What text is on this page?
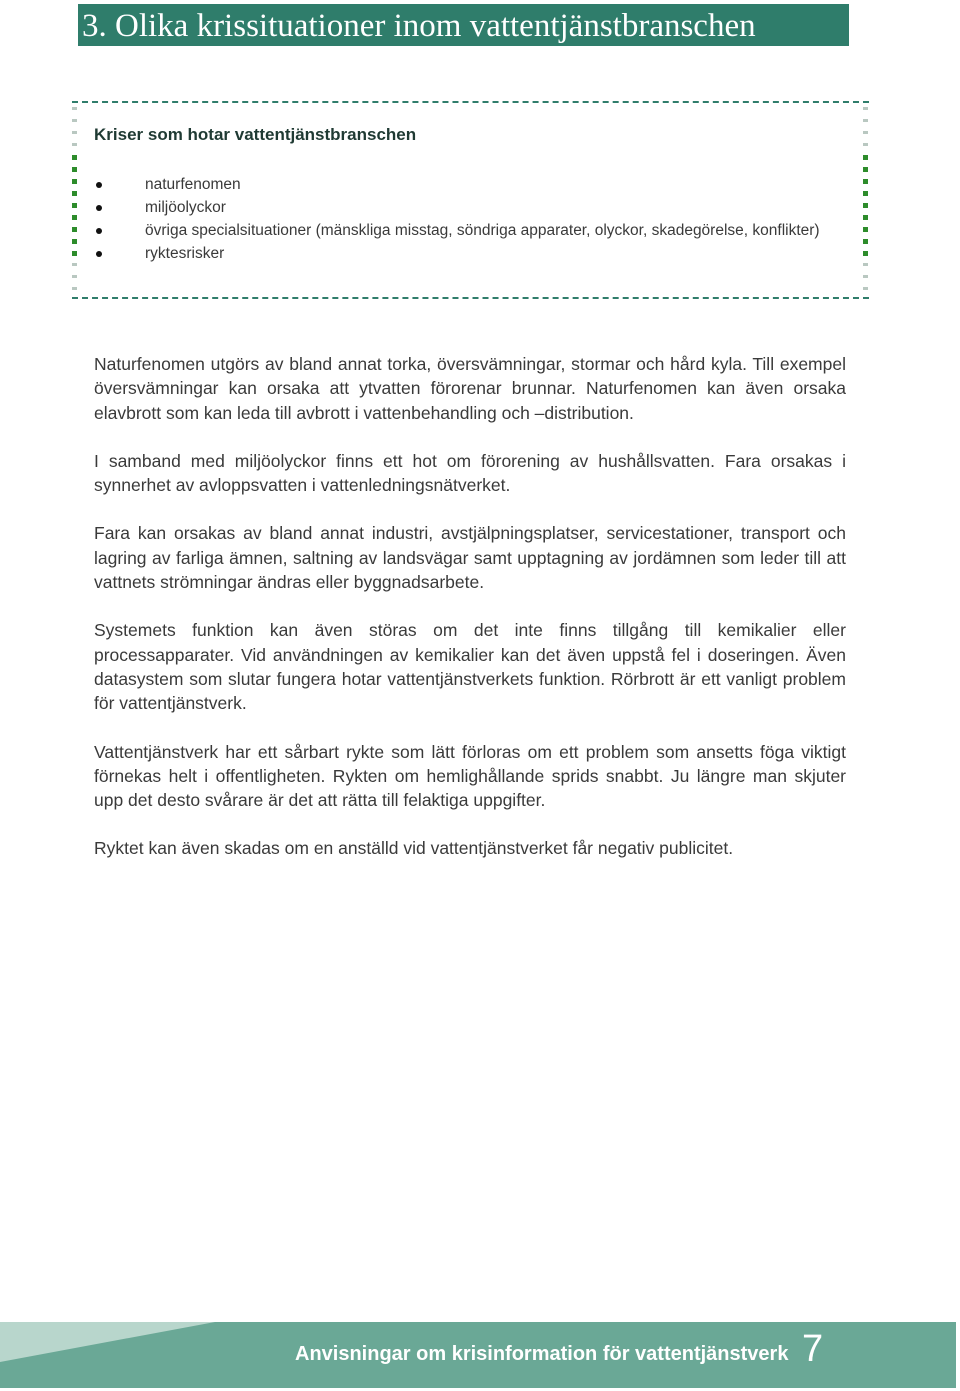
3. Olika krissituationer inom vattentjänstbranschen
Kriser som hotar vattentjänstbranschen
naturfenomen
miljöolyckor
övriga specialsituationer (mänskliga misstag, söndriga apparater, olyckor, skadegörelse, konflikter)
ryktesrisker

Naturfenomen utgörs av bland annat torka, översvämningar, stormar och hård kyla. Till exempel översvämningar kan orsaka att ytvatten förorenar brunnar. Naturfenomen kan även orsaka elavbrott som kan leda till avbrott i vattenbehandling och –distribution.

I samband med miljöolyckor finns ett hot om förorening av hushållsvatten. Fara orsakas i synnerhet av avloppsvatten i vattenledningsnätverket.

Fara kan orsakas av bland annat industri, avstjälpningsplatser, servicestationer, transport och lagring av farliga ämnen, saltning av landsvägar samt upptagning av jordämnen som leder till att vattnets strömningar ändras eller byggnadsarbete.

Systemets funktion kan även störas om det inte finns tillgång till kemikalier eller processapparater. Vid användningen av kemikalier kan det även uppstå fel i doseringen. Även datasystem som slutar fungera hotar vattentjänstverkets funktion. Rörbrott är ett vanligt problem för vattentjänstverk.

Vattentjänstverk har ett sårbart rykte som lätt förloras om ett problem som ansetts föga viktigt förnekas helt i offentligheten. Rykten om hemlighållande sprids snabbt. Ju längre man skjuter upp det desto svårare är det att rätta till felaktiga uppgifter.

Ryktet kan även skadas om en anställd vid vattentjänstverket får negativ publicitet.

Anvisningar om krisinformation för vattentjänstverk 7
